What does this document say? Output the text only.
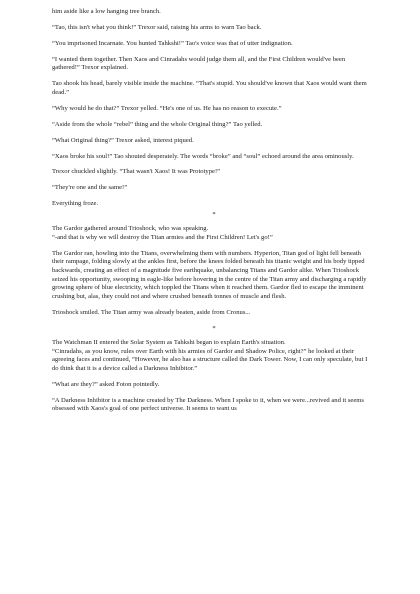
him aside like a low hanging tree branch.

“Tao, this isn't what you think!” Trexor said, raising his arms to warn Tao back.

“You imprisoned Incarnate. You hunted Tahkshi!” Tao's voice was that of utter indignation.

“I wanted them together. Then Xaos and Cinradahs would judge them all, and the First Children would've been gathered!” Trexor explained.

Tao shook his head, barely visible inside the machine. “That's stupid. You should've known that Xaos would want them dead.”

“Why would he do that?” Trexor yelled. “He's one of us. He has no reason to execute.”

“Aside from the whole “rebel” thing and the whole Original thing?” Tao yelled.

“What Original thing?” Trexor asked, interest piqued.

“Xaos broke his soul!” Tao shouted desperately. The words “broke” and “soul” echoed around the area ominously.

Trexor chuckled slightly. “That wasn't Xaos! It was Prototype!”

“They're one and the same!”

Everything froze.

*

The Gardor gathered around Trioshock, who was speaking.

“-and that is why we will destroy the Titan armies and the First Children! Let's go!”

The Gardor ran, howling into the Titans, overwhelming them with numbers. Hyperion, Titan god of light fell beneath their rampage, folding slowly at the ankles first, before the knees folded beneath his titanic weight and his body tipped backwards, creating an effect of a magnitude five earthquake, unbalancing Titans and Gardor alike. When Trioshock seized his opportunity, swooping in eagle-like before hovering in the centre of the Titan army and discharging a rapidly growing sphere of blue electricity, which toppled the Titans when it reached them. Gardor fled to escape the imminent crushing but, alas, they could not and where crushed beneath tonnes of muscle and flesh.

Trioshock smiled. The Titan army was already beaten, aside from Cronus...

*

The Watchman II entered the Solar System as Tahkshi began to explain Earth's situation.

“Cinradahs, as you know, rules over Earth with his armies of Gardor and Shadow Police, right?” he looked at their agreeing faces and continued, “However, he also has a structure called the Dark Tower. Now, I can only speculate, but I do think that it is a device called a Darkness Inhibitor.”

“What are they?” asked Foton pointedly.

“A Darkness Inhibitor is a machine created by The Darkness. When I spoke to it, when we were...revived and it seems obsessed with Xaos's goal of one perfect universe. It seems to want us
